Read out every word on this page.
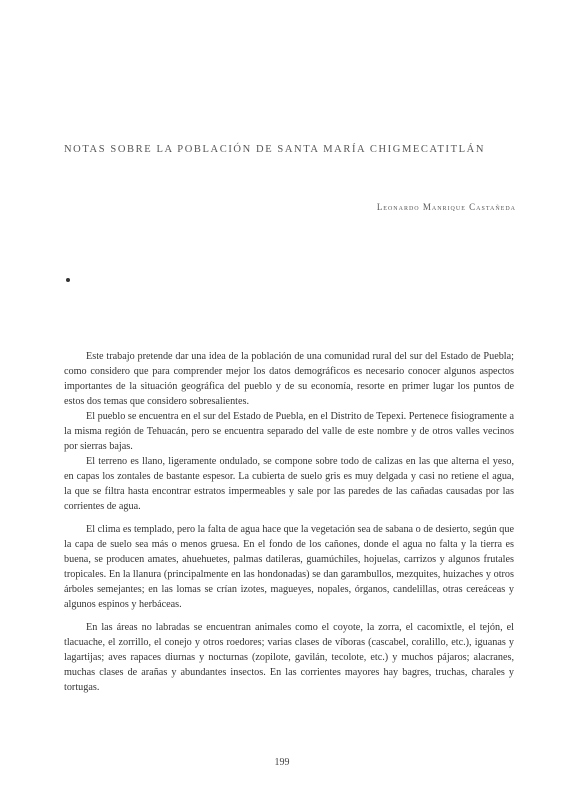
NOTAS SOBRE LA POBLACIÓN DE SANTA MARÍA CHIGMECATITLÁN
Leonardo Manrique Castañeda

Este trabajo pretende dar una idea de la población de una comunidad rural del sur del Estado de Puebla; como considero que para comprender mejor los datos demográficos es necesario conocer algunos aspectos importantes de la situación geográfica del pueblo y de su economía, resorte en primer lugar los puntos de estos dos temas que considero sobresalientes.

El pueblo se encuentra en el sur del Estado de Puebla, en el Distrito de Tepexi. Pertenece fisiogramente a la misma región de Tehuacán, pero se encuentra separado del valle de este nombre y de otros valles vecinos por sierras bajas.

El terreno es llano, ligeramente ondulado, se compone sobre todo de calizas en las que alterna el yeso, en capas los zontales de bastante espesor. La cubierta de suelo gris es muy delgada y casi no retiene el agua, la que se filtra hasta encontrar estratos impermeables y sale por las paredes de las cañadas causadas por las corrientes de agua.

El clima es templado, pero la falta de agua hace que la vegetación sea de sabana o de desierto, según que la capa de suelo sea más o menos gruesa. En el fondo de los cañones, donde el agua no falta y la tierra es buena, se producen amates, ahuehuetes, palmas datileras, guamúchiles, hojuelas, carrizos y algunos frutales tropicales. En la llanura (principalmente en las hondonadas) se dan garambullos, mezquites, huizaches y otros árboles semejantes; en las lomas se crían izotes, magueyes, nopales, órganos, candelillas, otras cereáceas y algunos espinos y herbáceas.

En las áreas no labradas se encuentran animales como el coyote, la zorra, el cacomixtle, el tejón, el tlacuache, el zorrillo, el conejo y otros roedores; varias clases de víboras (cascabel, coralillo, etc.), iguanas y lagartijas; aves rapaces diurnas y nocturnas (zopilote, gavilán, tecolote, etc.) y muchos pájaros; alacranes, muchas clases de arañas y abundantes insectos. En las corrientes mayores hay bagres, truchas, charales y tortugas.

199
